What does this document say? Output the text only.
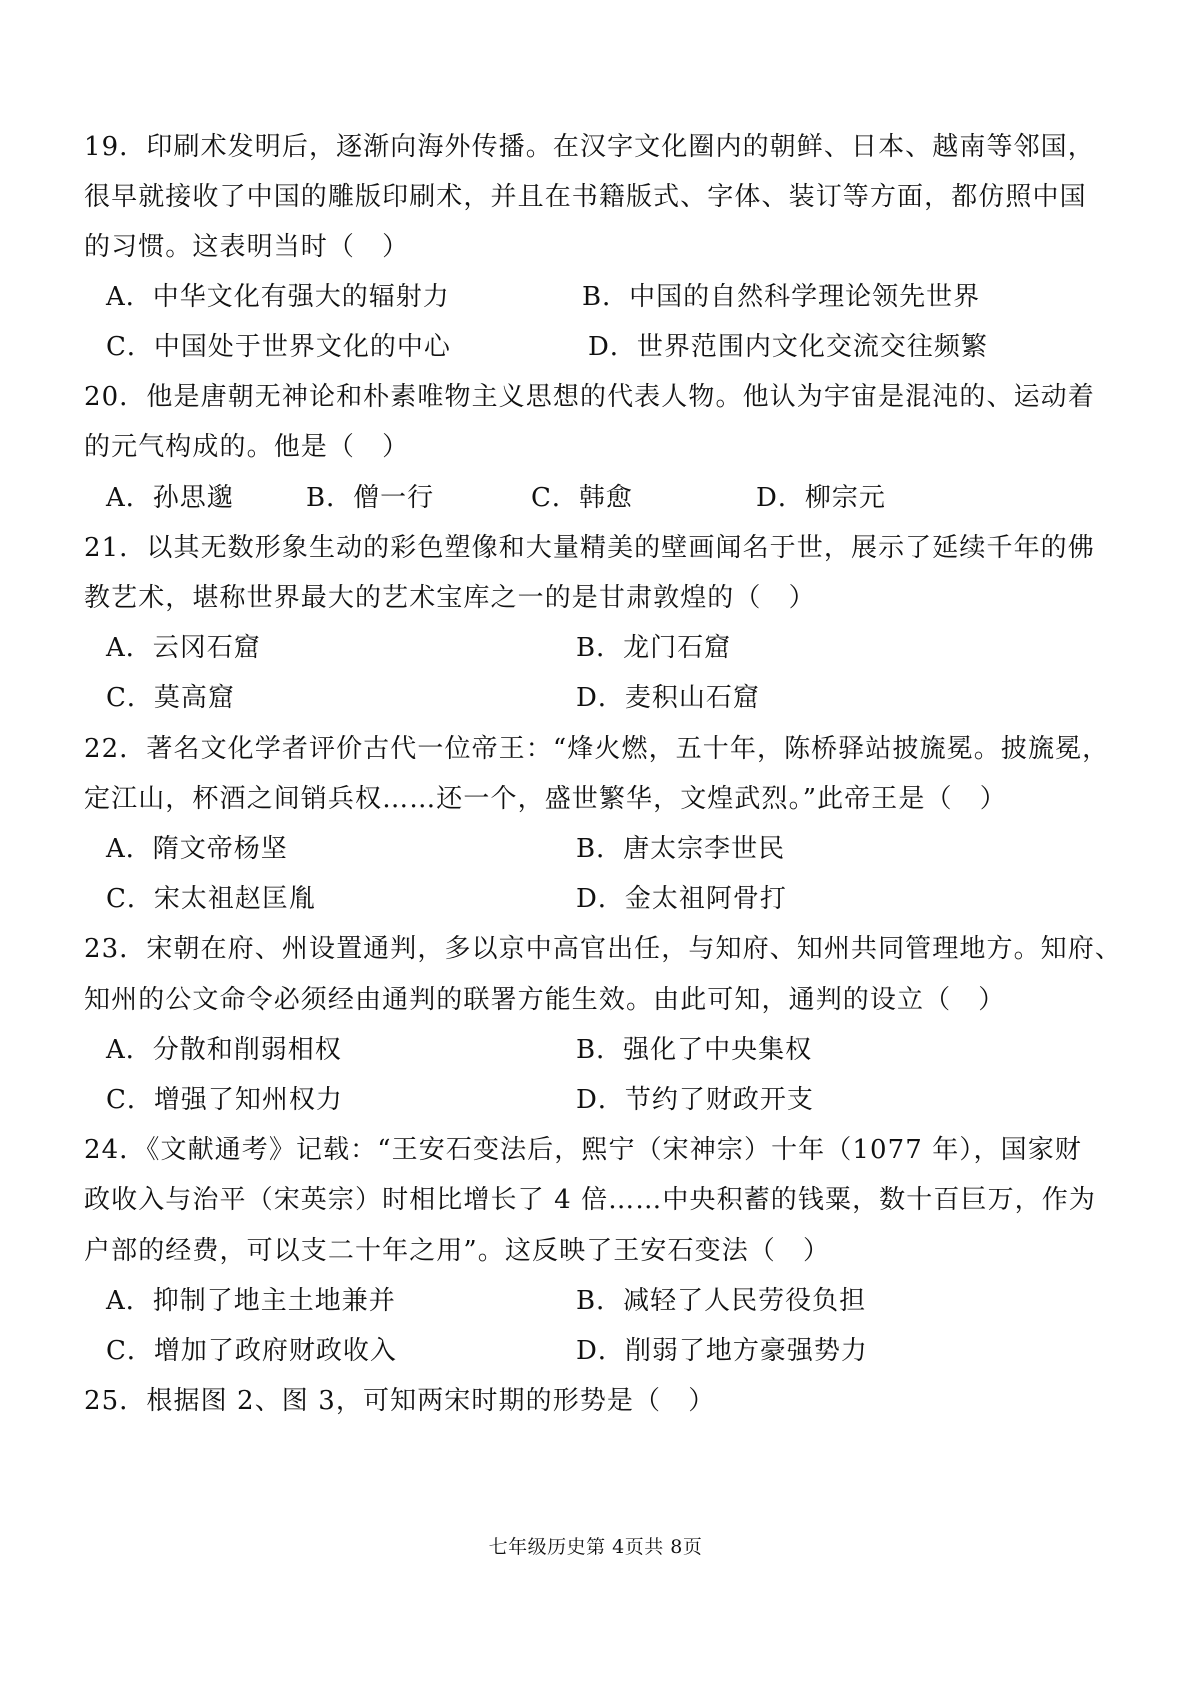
19．印刷术发明后，逐渐向海外传播。在汉字文化圈内的朝鲜、日本、越南等邻国，
很早就接收了中国的雕版印刷术，并且在书籍版式、字体、装订等方面，都仿照中国
的习惯。这表明当时（　）
A．中华文化有强大的辐射力	B．中国的自然科学理论领先世界
C．中国处于世界文化的中心	D．世界范围内文化交流交往频繁
20．他是唐朝无神论和朴素唯物主义思想的代表人物。他认为宇宙是混沌的、运动着
的元气构成的。他是（　）
A．孙思邈	B．僧一行	C．韩愈	D．柳宗元
21．以其无数形象生动的彩色塑像和大量精美的壁画闻名于世，展示了延续千年的佛
教艺术，堪称世界最大的艺术宝库之一的是甘肃敦煌的（　）
A．云冈石窟	B．龙门石窟
C．莫高窟	D．麦积山石窟
22．著名文化学者评价古代一位帝王：“烽火燃，五十年，陈桥驿站披旒冕。披旒冕，
定江山，杯酒之间销兵权……还一个，盛世繁华，文煌武烈。”此帝王是（　）
A．隋文帝杨坚	B．唐太宗李世民
C．宋太祖赵匡胤	D．金太祖阿骨打
23．宋朝在府、州设置通判，多以京中高官出任，与知府、知州共同管理地方。知府、
知州的公文命令必须经由通判的联署方能生效。由此可知，通判的设立（　）
A．分散和削弱相权	B．强化了中央集权
C．增强了知州权力	D．节约了财政开支
24．《文献通考》记载：“王安石变法后，熙宁（宋神宗）十年（1077 年），国家财
政收入与治平（宋英宗）时相比增长了 4 倍……中央积蓄的钱粟，数十百巨万，作为
户部的经费，可以支二十年之用”。这反映了王安石变法（　）
A．抑制了地主土地兼并	B．减轻了人民劳役负担
C．增加了政府财政收入	D．削弱了地方豪强势力
25．根据图 2、图 3，可知两宋时期的形势是（　）
七年级历史第 4页共 8页
